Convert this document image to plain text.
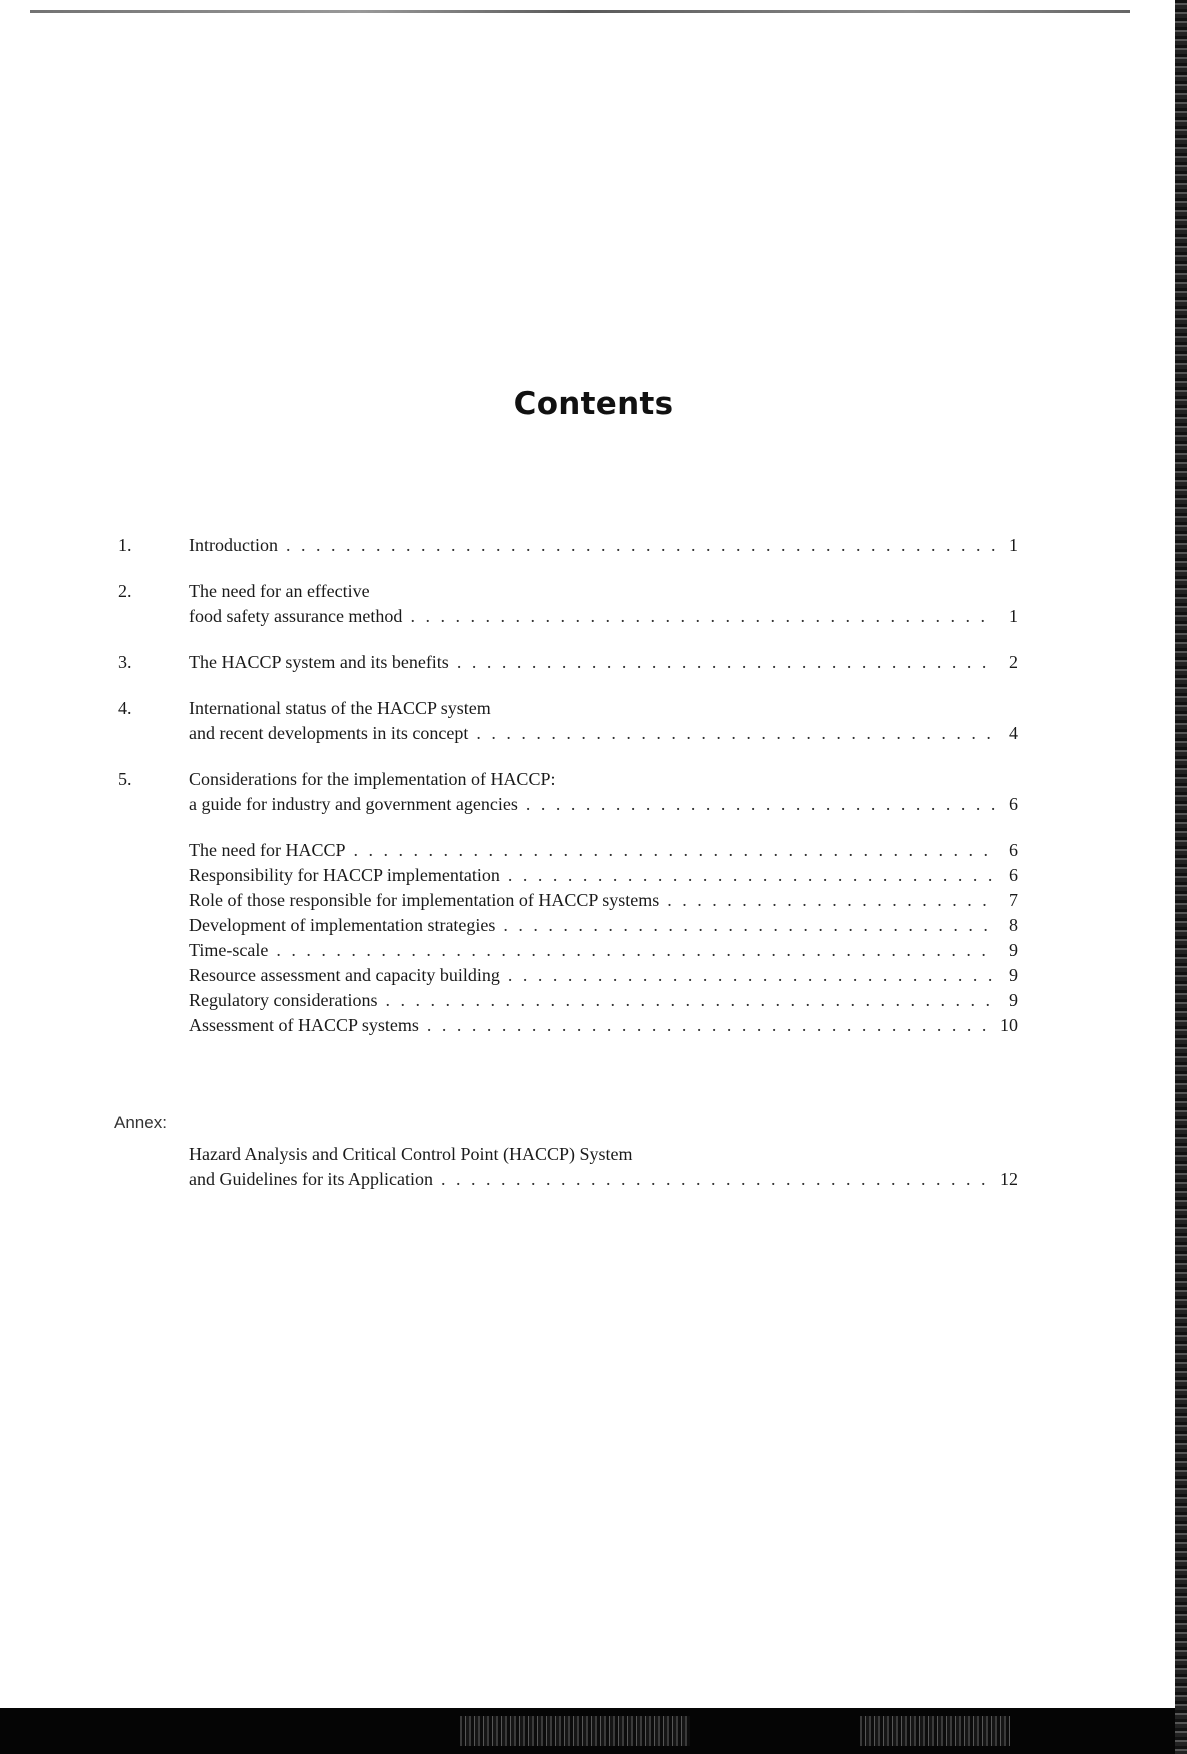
Contents
1.	Introduction . . .	1
2.	The need for an effective
food safety assurance method . . .	1
3.	The HACCP system and its benefits . . .	2
4.	International status of the HACCP system
and recent developments in its concept . . .	4
5.	Considerations for the implementation of HACCP:
a guide for industry and government agencies . . .	6
The need for HACCP . . .	6
Responsibility for HACCP implementation . . .	6
Role of those responsible for implementation of HACCP systems . . .	7
Development of implementation strategies . . .	8
Time-scale . . .	9
Resource assessment and capacity building . . .	9
Regulatory considerations . . .	9
Assessment of HACCP systems . . .	10
Annex:
Hazard Analysis and Critical Control Point (HACCP) System
and Guidelines for its Application . . .	12
